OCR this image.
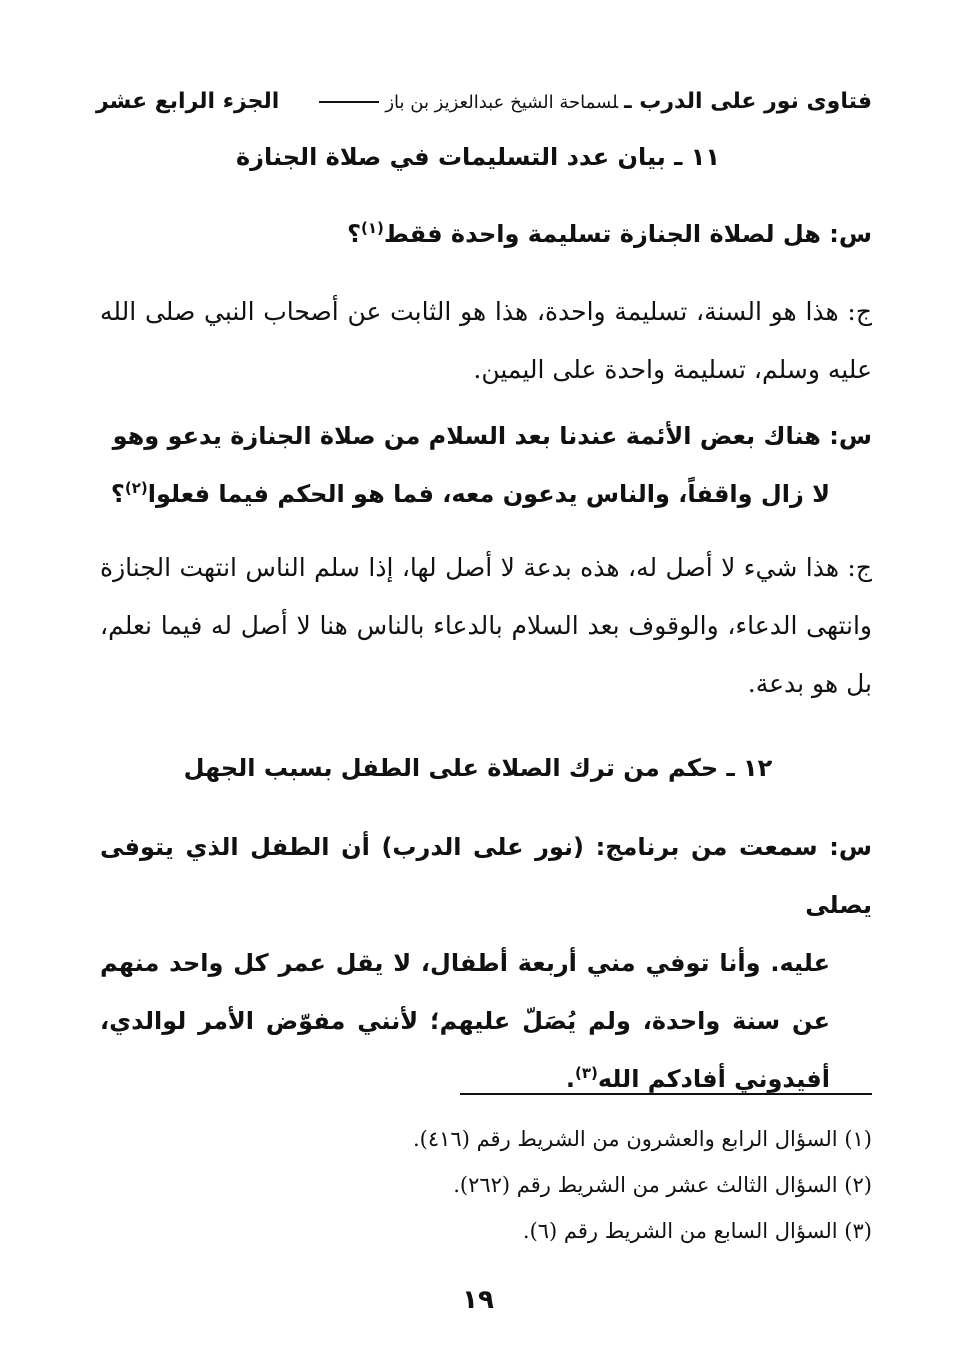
فتاوى نور على الدرب ـلسماحة الشيخ عبدالعزيز بن باز
الجزء الرابع عشر
١١ ـ بيان عدد التسليمات في صلاة الجنازة
س: هل لصلاة الجنازة تسليمة واحدة فقط$^{(١)}$؟
ج: هذا هو السنة، تسليمة واحدة، هذا هو الثابت عن أصحاب النبي صلى الله عليه وسلم، تسليمة واحدة على اليمين.
س: هناك بعض الأئمة عندنا بعد السلام من صلاة الجنازة يدعو وهو
لا زال واقفاً، والناس يدعون معه، فما هو الحكم فيما فعلوا$^{(٢)}$؟
ج: هذا شيء لا أصل له، هذه بدعة لا أصل لها، إذا سلم الناس انتهت الجنازة وانتهى الدعاء، والوقوف بعد السلام بالدعاء بالناس هنا لا أصل له فيما نعلم، بل هو بدعة.
١٢ ـ حكم من ترك الصلاة على الطفل بسبب الجهل
س: سمعت من برنامج: (نور على الدرب) أن الطفل الذي يتوفى يصلى
عليه. وأنا توفي مني أربعة أطفال، لا يقل عمر كل واحد منهم عن سنة واحدة، ولم يُصَلّ عليهم؛ لأنني مفوّض الأمر لوالدي، أفيدوني أفادكم الله$^{(٣)}$.
(١) السؤال الرابع والعشرون من الشريط رقم (٤١٦).
(٢) السؤال الثالث عشر من الشريط رقم (٢٦٢).
(٣) السؤال السابع من الشريط رقم (٦).
١٩
